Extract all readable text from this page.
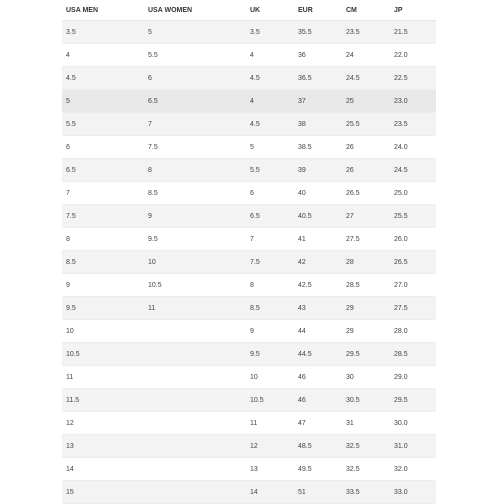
USA MEN	USA WOMEN	UK	EUR	CM	JP
3.5	5	3.5	35.5	23.5	21.5
4	5.5	4	36	24	22.0
4.5	6	4.5	36.5	24.5	22.5
5	6.5	4	37	25	23.0
5.5	7	4.5	38	25.5	23.5
6	7.5	5	38.5	26	24.0
6.5	8	5.5	39	26	24.5
7	8.5	6	40	26.5	25.0
7.5	9	6.5	40.5	27	25.5
8	9.5	7	41	27.5	26.0
8.5	10	7.5	42	28	26.5
9	10.5	8	42.5	28.5	27.0
9.5	11	8.5	43	29	27.5
10		9	44	29	28.0
10.5		9.5	44.5	29.5	28.5
11		10	46	30	29.0
11.5		10.5	46	30.5	29.5
12		11	47	31	30.0
13		12	48.5	32.5	31.0
14		13	49.5	32.5	32.0
15		14	51	33.5	33.0
